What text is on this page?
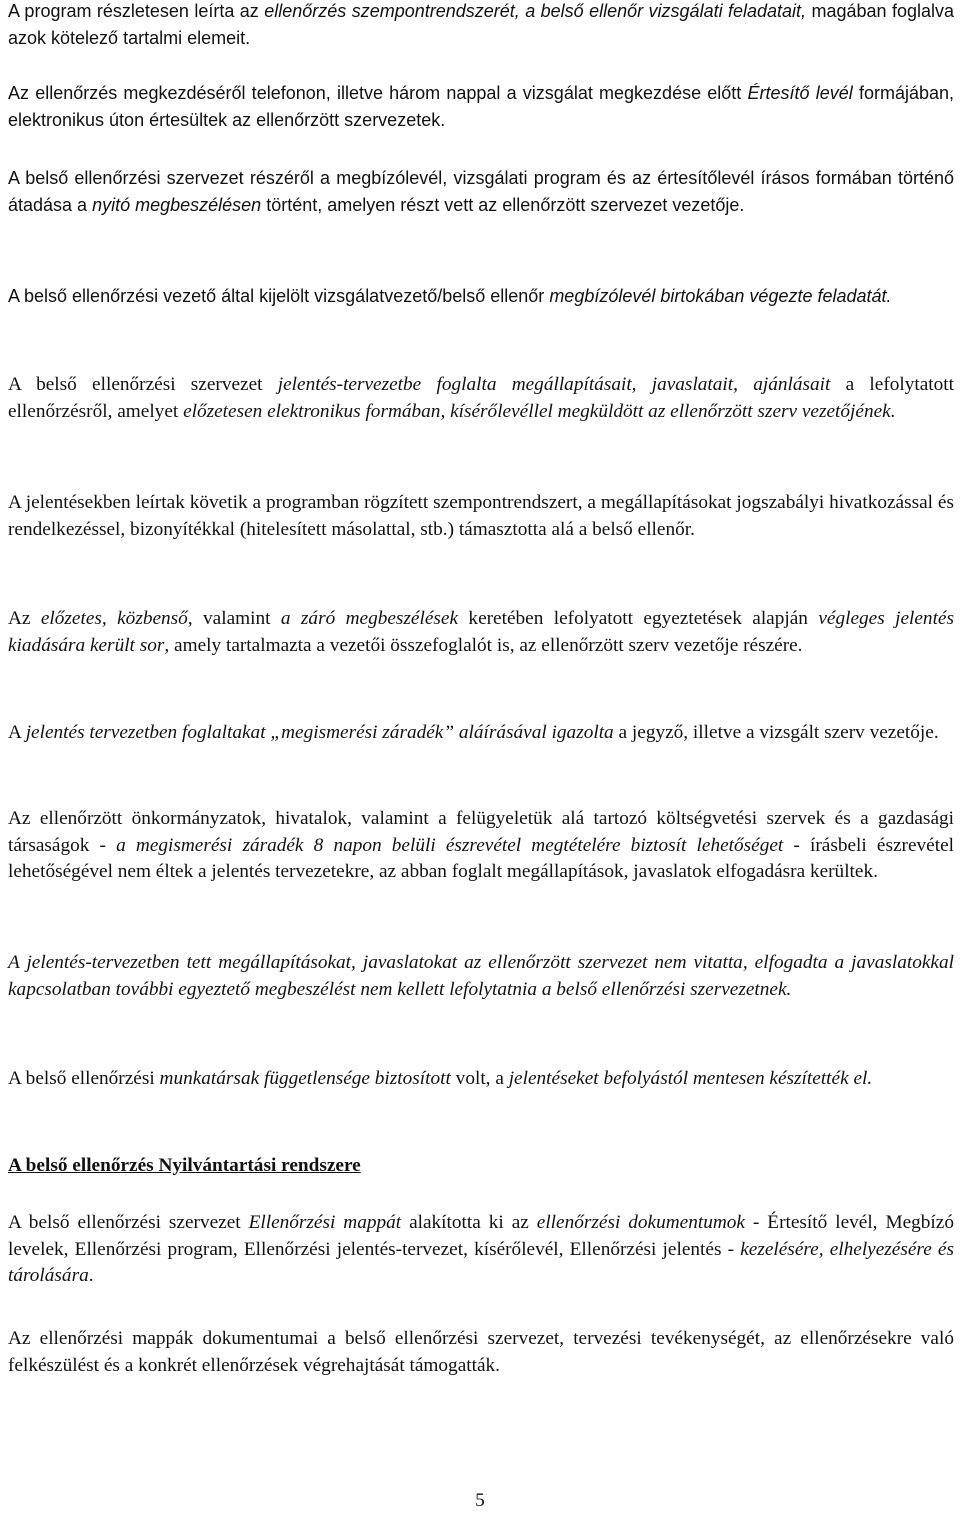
A program részletesen leírta az ellenőrzés szempontrendszerét, a belső ellenőr vizsgálati feladatait, magában foglalva azok kötelező tartalmi elemeit.
Az ellenőrzés megkezdéséről telefonon, illetve három nappal a vizsgálat megkezdése előtt Értesítő levél formájában, elektronikus úton értesültek az ellenőrzött szervezetek.
A belső ellenőrzési szervezet részéről a megbízólevél, vizsgálati program és az értesítőlevél írásos formában történő átadása a nyitó megbeszélésen történt, amelyen részt vett az ellenőrzött szervezet vezetője.
A belső ellenőrzési vezető által kijelölt vizsgálatvezető/belső ellenőr megbízólevél birtokában végezte feladatát.
A belső ellenőrzési szervezet jelentés-tervezetbe foglalta megállapításait, javaslatait, ajánlásait a lefolytatott ellenőrzésről, amelyet előzetesen elektronikus formában, kísérőlevéllel megküldött az ellenőrzött szerv vezetőjének.
A jelentésekben leírtak követik a programban rögzített szempontrendszert, a megállapításokat jogszabályi hivatkozással és rendelkezéssel, bizonyítékkal (hitelesített másolattal, stb.) támasztotta alá a belső ellenőr.
Az előzetes, közbenső, valamint a záró megbeszélések keretében lefolyatott egyeztetések alapján végleges jelentés kiadására került sor, amely tartalmazta a vezetői összefoglalót is, az ellenőrzött szerv vezetője részére.
A jelentés tervezetben foglaltakat „megismerési záradék” aláírásával igazolta a jegyző, illetve a vizsgált szerv vezetője.
Az ellenőrzött önkormányzatok, hivatalok, valamint a felügyeletük alá tartozó költségvetési szervek és a gazdasági társaságok - a megismerési záradék 8 napon belüli észrevétel megtételére biztosít lehetőséget - írásbeli észrevétel lehetőségével nem éltek a jelentés tervezetekre, az abban foglalt megállapítások, javaslatok elfogadásra kerültek.
A jelentés-tervezetben tett megállapításokat, javaslatokat az ellenőrzött szervezet nem vitatta, elfogadta a javaslatokkal kapcsolatban további egyeztető megbeszélést nem kellett lefolytatnia a belső ellenőrzési szervezetnek.
A belső ellenőrzési munkatársak függetlensége biztosított volt, a jelentéseket befolyástól mentesen készítették el.
A belső ellenőrzés Nyilvántartási rendszere
A belső ellenőrzési szervezet Ellenőrzési mappát alakította ki az ellenőrzési dokumentumok - Értesítő levél, Megbízó levelek, Ellenőrzési program, Ellenőrzési jelentés-tervezet, kísérőlevél, Ellenőrzési jelentés - kezelésére, elhelyezésére és tárolására.
Az ellenőrzési mappák dokumentumai a belső ellenőrzési szervezet, tervezési tevékenységét, az ellenőrzésekre való felkészülést és a konkrét ellenőrzések végrehajtását támogatták.
5
